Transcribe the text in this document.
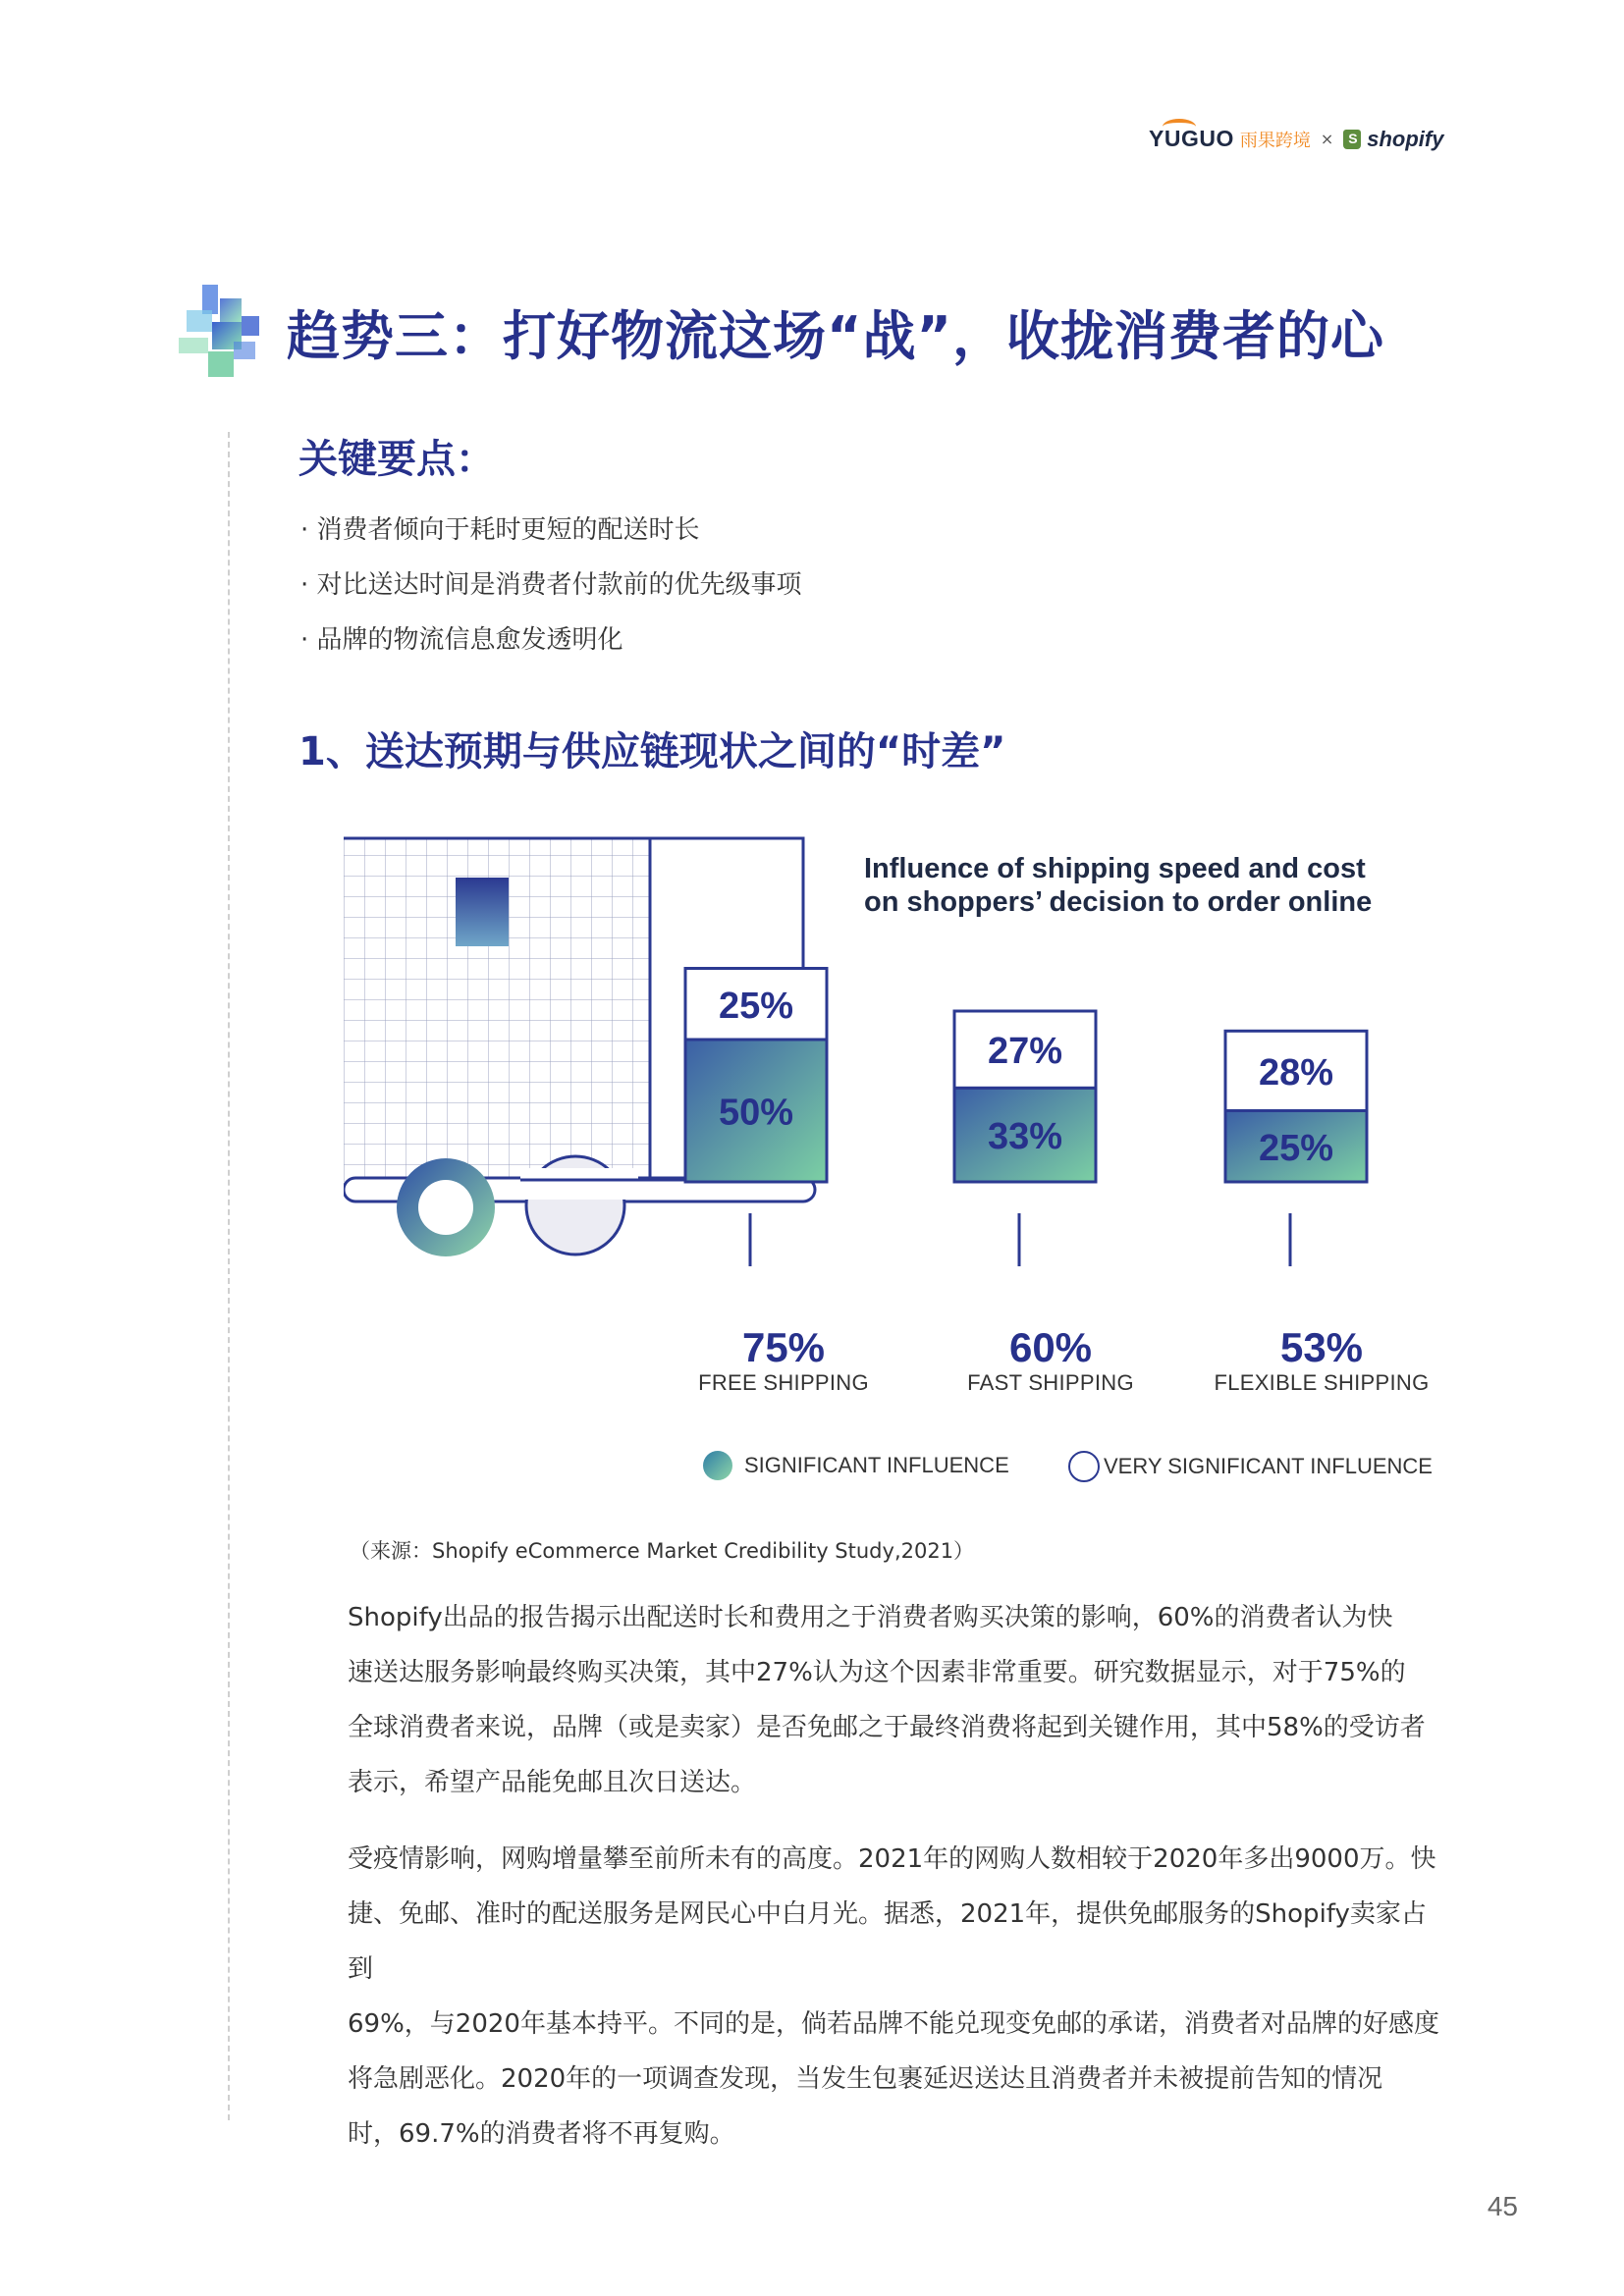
YUGUO 雨果跨境 ×
S shopify
趋势三：打好物流这场“战”，收拢消费者的心
关键要点：
· 消费者倾向于耗时更短的配送时长
· 对比送达时间是消费者付款前的优先级事项
· 品牌的物流信息愈发透明化
1、送达预期与供应链现状之间的“时差”
50%
25%
33%
27%
25%
28%
Influence of shipping speed and cost on shoppers’ decision to order online
75%
FREE SHIPPING
60%
FAST SHIPPING
53%
FLEXIBLE SHIPPING
SIGNIFICANT INFLUENCE	VERY SIGNIFICANT INFLUENCE
（来源：Shopify eCommerce Market Credibility Study,2021）
Shopify出品的报告揭示出配送时长和费用之于消费者购买决策的影响，60%的消费者认为快
速送达服务影响最终购买决策，其中27%认为这个因素非常重要。研究数据显示，对于75%的
全球消费者来说，品牌（或是卖家）是否免邮之于最终消费将起到关键作用，其中58%的受访者
表示，希望产品能免邮且次日送达。
受疫情影响，网购增量攀至前所未有的高度。2021年的网购人数相较于2020年多出9000万。快
捷、免邮、准时的配送服务是网民心中白月光。据悉，2021年，提供免邮服务的Shopify卖家占到
69%，与2020年基本持平。不同的是，倘若品牌不能兑现变免邮的承诺，消费者对品牌的好感度
将急剧恶化。2020年的一项调查发现，当发生包裹延迟送达且消费者并未被提前告知的情况
时，69.7%的消费者将不再复购。
45
